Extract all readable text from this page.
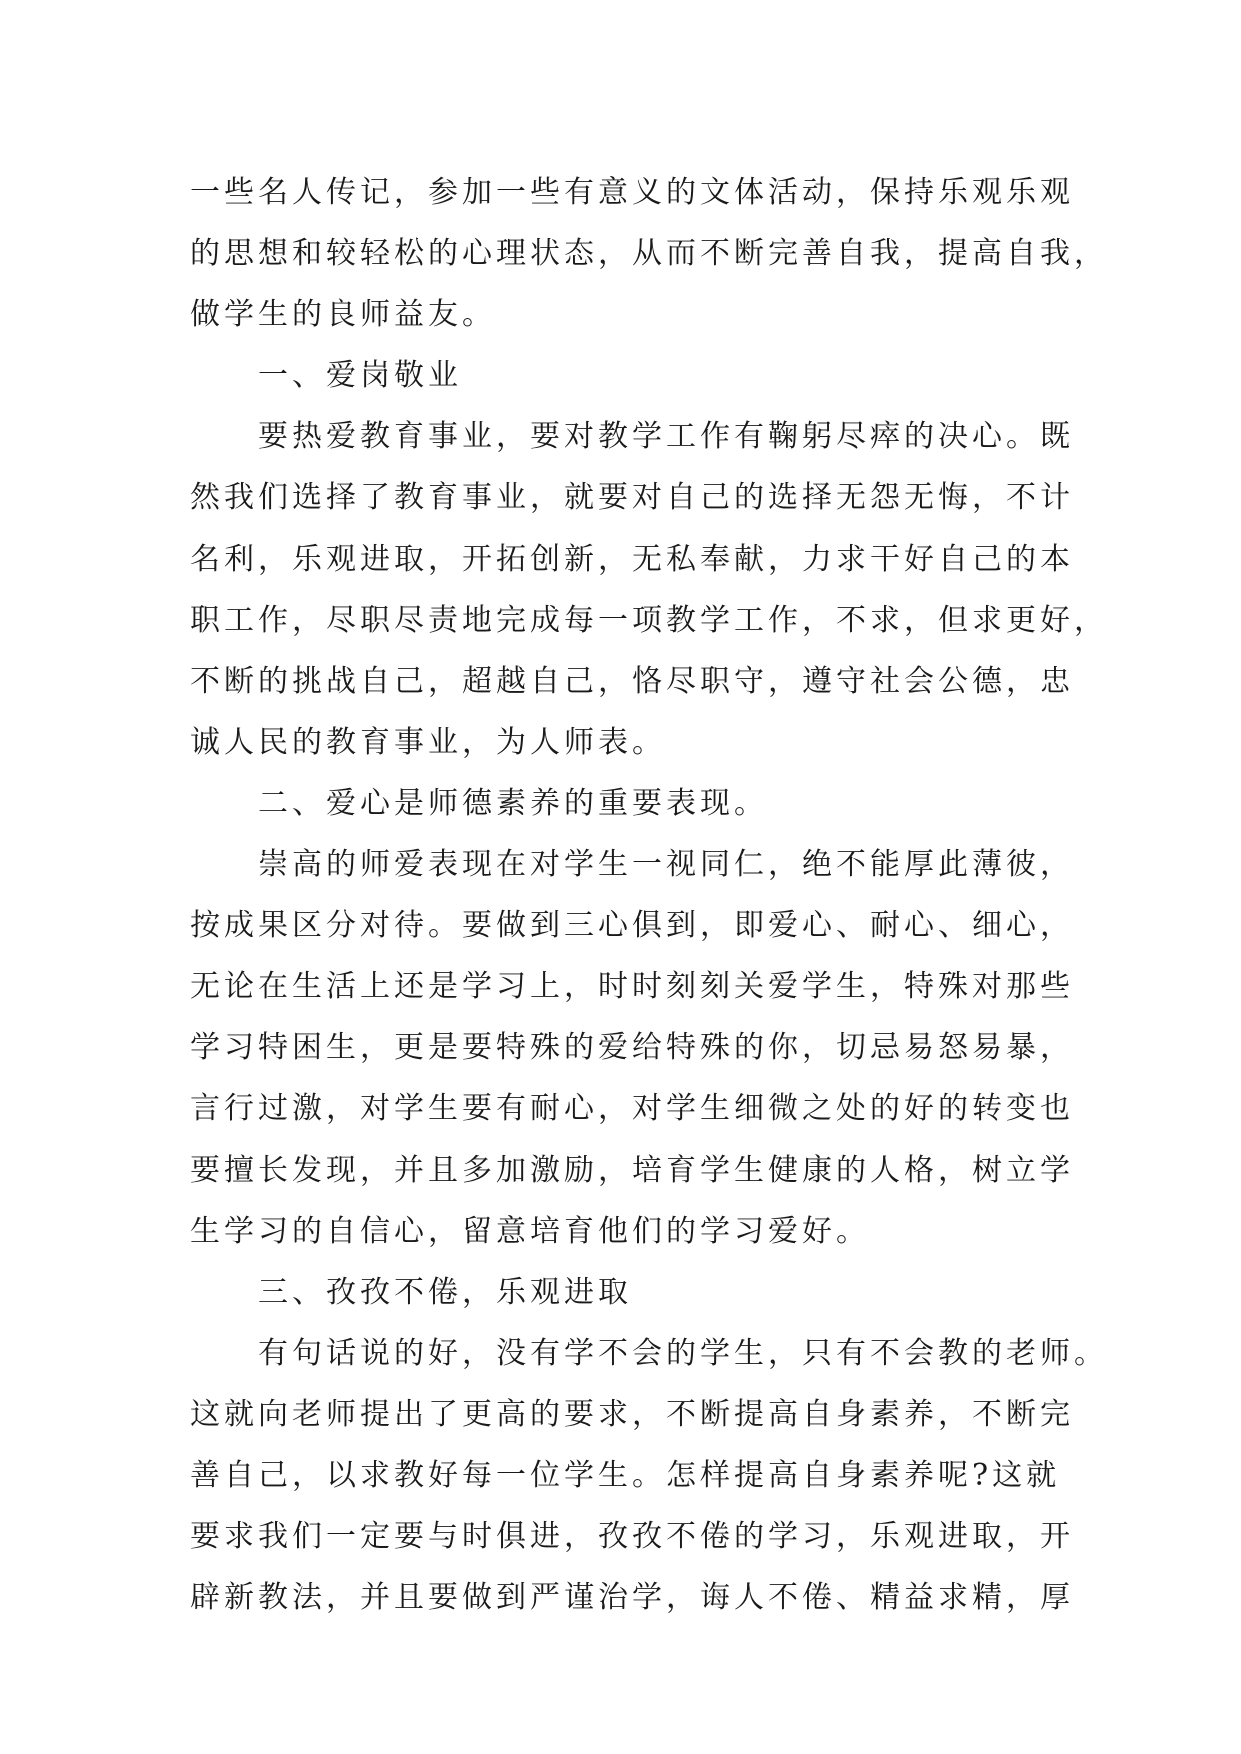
一些名人传记，参加一些有意义的文体活动，保持乐观乐观
的思想和较轻松的心理状态，从而不断完善自我，提高自我，
做学生的良师益友。
一、爱岗敬业
要热爱教育事业，要对教学工作有鞠躬尽瘁的决心。既
然我们选择了教育事业，就要对自己的选择无怨无悔，不计
名利，乐观进取，开拓创新，无私奉献，力求干好自己的本
职工作，尽职尽责地完成每一项教学工作，不求，但求更好，
不断的挑战自己，超越自己，恪尽职守，遵守社会公德，忠
诚人民的教育事业，为人师表。
二、爱心是师德素养的重要表现。
崇高的师爱表现在对学生一视同仁，绝不能厚此薄彼，
按成果区分对待。要做到三心俱到，即爱心、耐心、细心，
无论在生活上还是学习上，时时刻刻关爱学生，特殊对那些
学习特困生，更是要特殊的爱给特殊的你，切忌易怒易暴，
言行过激，对学生要有耐心，对学生细微之处的好的转变也
要擅长发现，并且多加激励，培育学生健康的人格，树立学
生学习的自信心，留意培育他们的学习爱好。
三、孜孜不倦，乐观进取
有句话说的好，没有学不会的学生，只有不会教的老师。
这就向老师提出了更高的要求，不断提高自身素养，不断完
善自己，以求教好每一位学生。怎样提高自身素养呢?这就
要求我们一定要与时俱进，孜孜不倦的学习，乐观进取，开
辟新教法，并且要做到严谨治学，诲人不倦、精益求精，厚
